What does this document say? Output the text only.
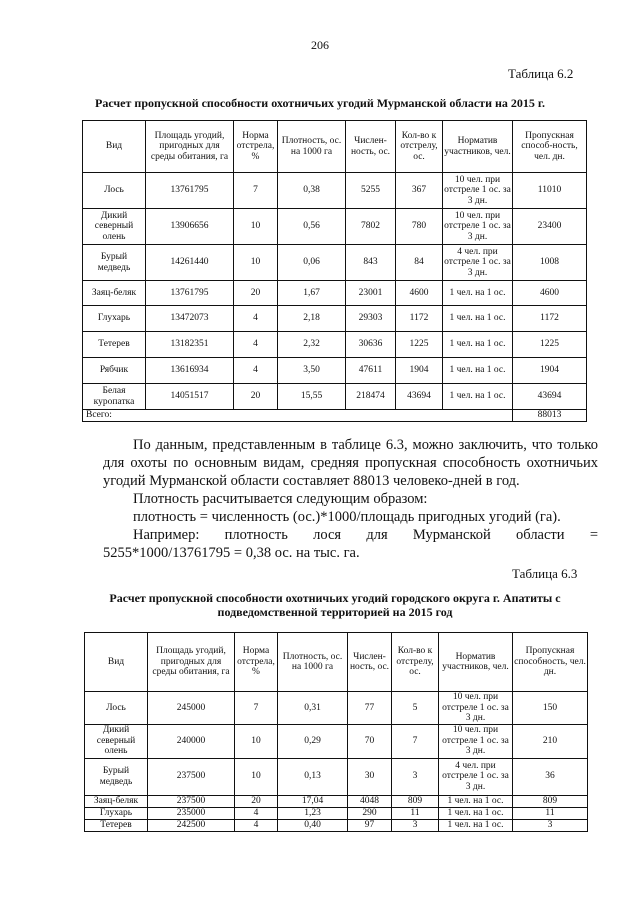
206
Таблица 6.2
Расчет пропускной способности охотничьих угодий Мурманской области на 2015 г.
Вид	Площадь угодий, пригодных для среды обитания, га	Норма отстрела, %	Плотность, ос. на 1000 га	Числен-ность, ос.	Кол-во к отстрелу, ос.	Норматив участников, чел.	Пропускная способ-ность, чел. дн.
Лось	13761795	7	0,38	5255	367	10 чел. при отстреле 1 ос. за 3 дн.	11010
Дикий северный олень	13906656	10	0,56	7802	780	10 чел. при отстреле 1 ос. за 3 дн.	23400
Бурый медведь	14261440	10	0,06	843	84	4 чел. при отстреле 1 ос. за 3 дн.	1008
Заяц-беляк	13761795	20	1,67	23001	4600	1 чел. на 1 ос.	4600
Глухарь	13472073	4	2,18	29303	1172	1 чел. на 1 ос.	1172
Тетерев	13182351	4	2,32	30636	1225	1 чел. на 1 ос.	1225
Рябчик	13616934	4	3,50	47611	1904	1 чел. на 1 ос.	1904
Белая куропатка	14051517	20	15,55	218474	43694	1 чел. на 1 ос.	43694
Всего:							88013

По данным, представленным в таблице 6.3, можно заключить, что только для охоты по основным видам, средняя пропускная способность охотничьих угодий Мурманской области составляет 88013 человеко-дней в год.

Плотность расчитывается следующим образом:

плотность = численность (ос.)*1000/площадь пригодных угодий (га).

Например: плотность лося для Мурманской области = 5255*1000/13761795 = 0,38 ос. на тыс. га.

Таблица 6.3
Расчет пропускной способности охотничьих угодий городского округа г. Апатиты с подведомственной территорией на 2015 год
Вид	Площадь угодий, пригодных для среды обитания, га	Норма отстрела, %	Плотность, ос. на 1000 га	Числен-ность, ос.	Кол-во к отстрелу, ос.	Норматив участников, чел.	Пропускная способность, чел. дн.
Лось	245000	7	0,31	77	5	10 чел. при отстреле 1 ос. за 3 дн.	150
Дикий северный олень	240000	10	0,29	70	7	10 чел. при отстреле 1 ос. за 3 дн.	210
Бурый медведь	237500	10	0,13	30	3	4 чел. при отстреле 1 ос. за 3 дн.	36
Заяц-беляк	237500	20	17,04	4048	809	1 чел. на 1 ос.	809
Глухарь	235000	4	1,23	290	11	1 чел. на 1 ос.	11
Тетерев	242500	4	0,40	97	3	1 чел. на 1 ос.	3
